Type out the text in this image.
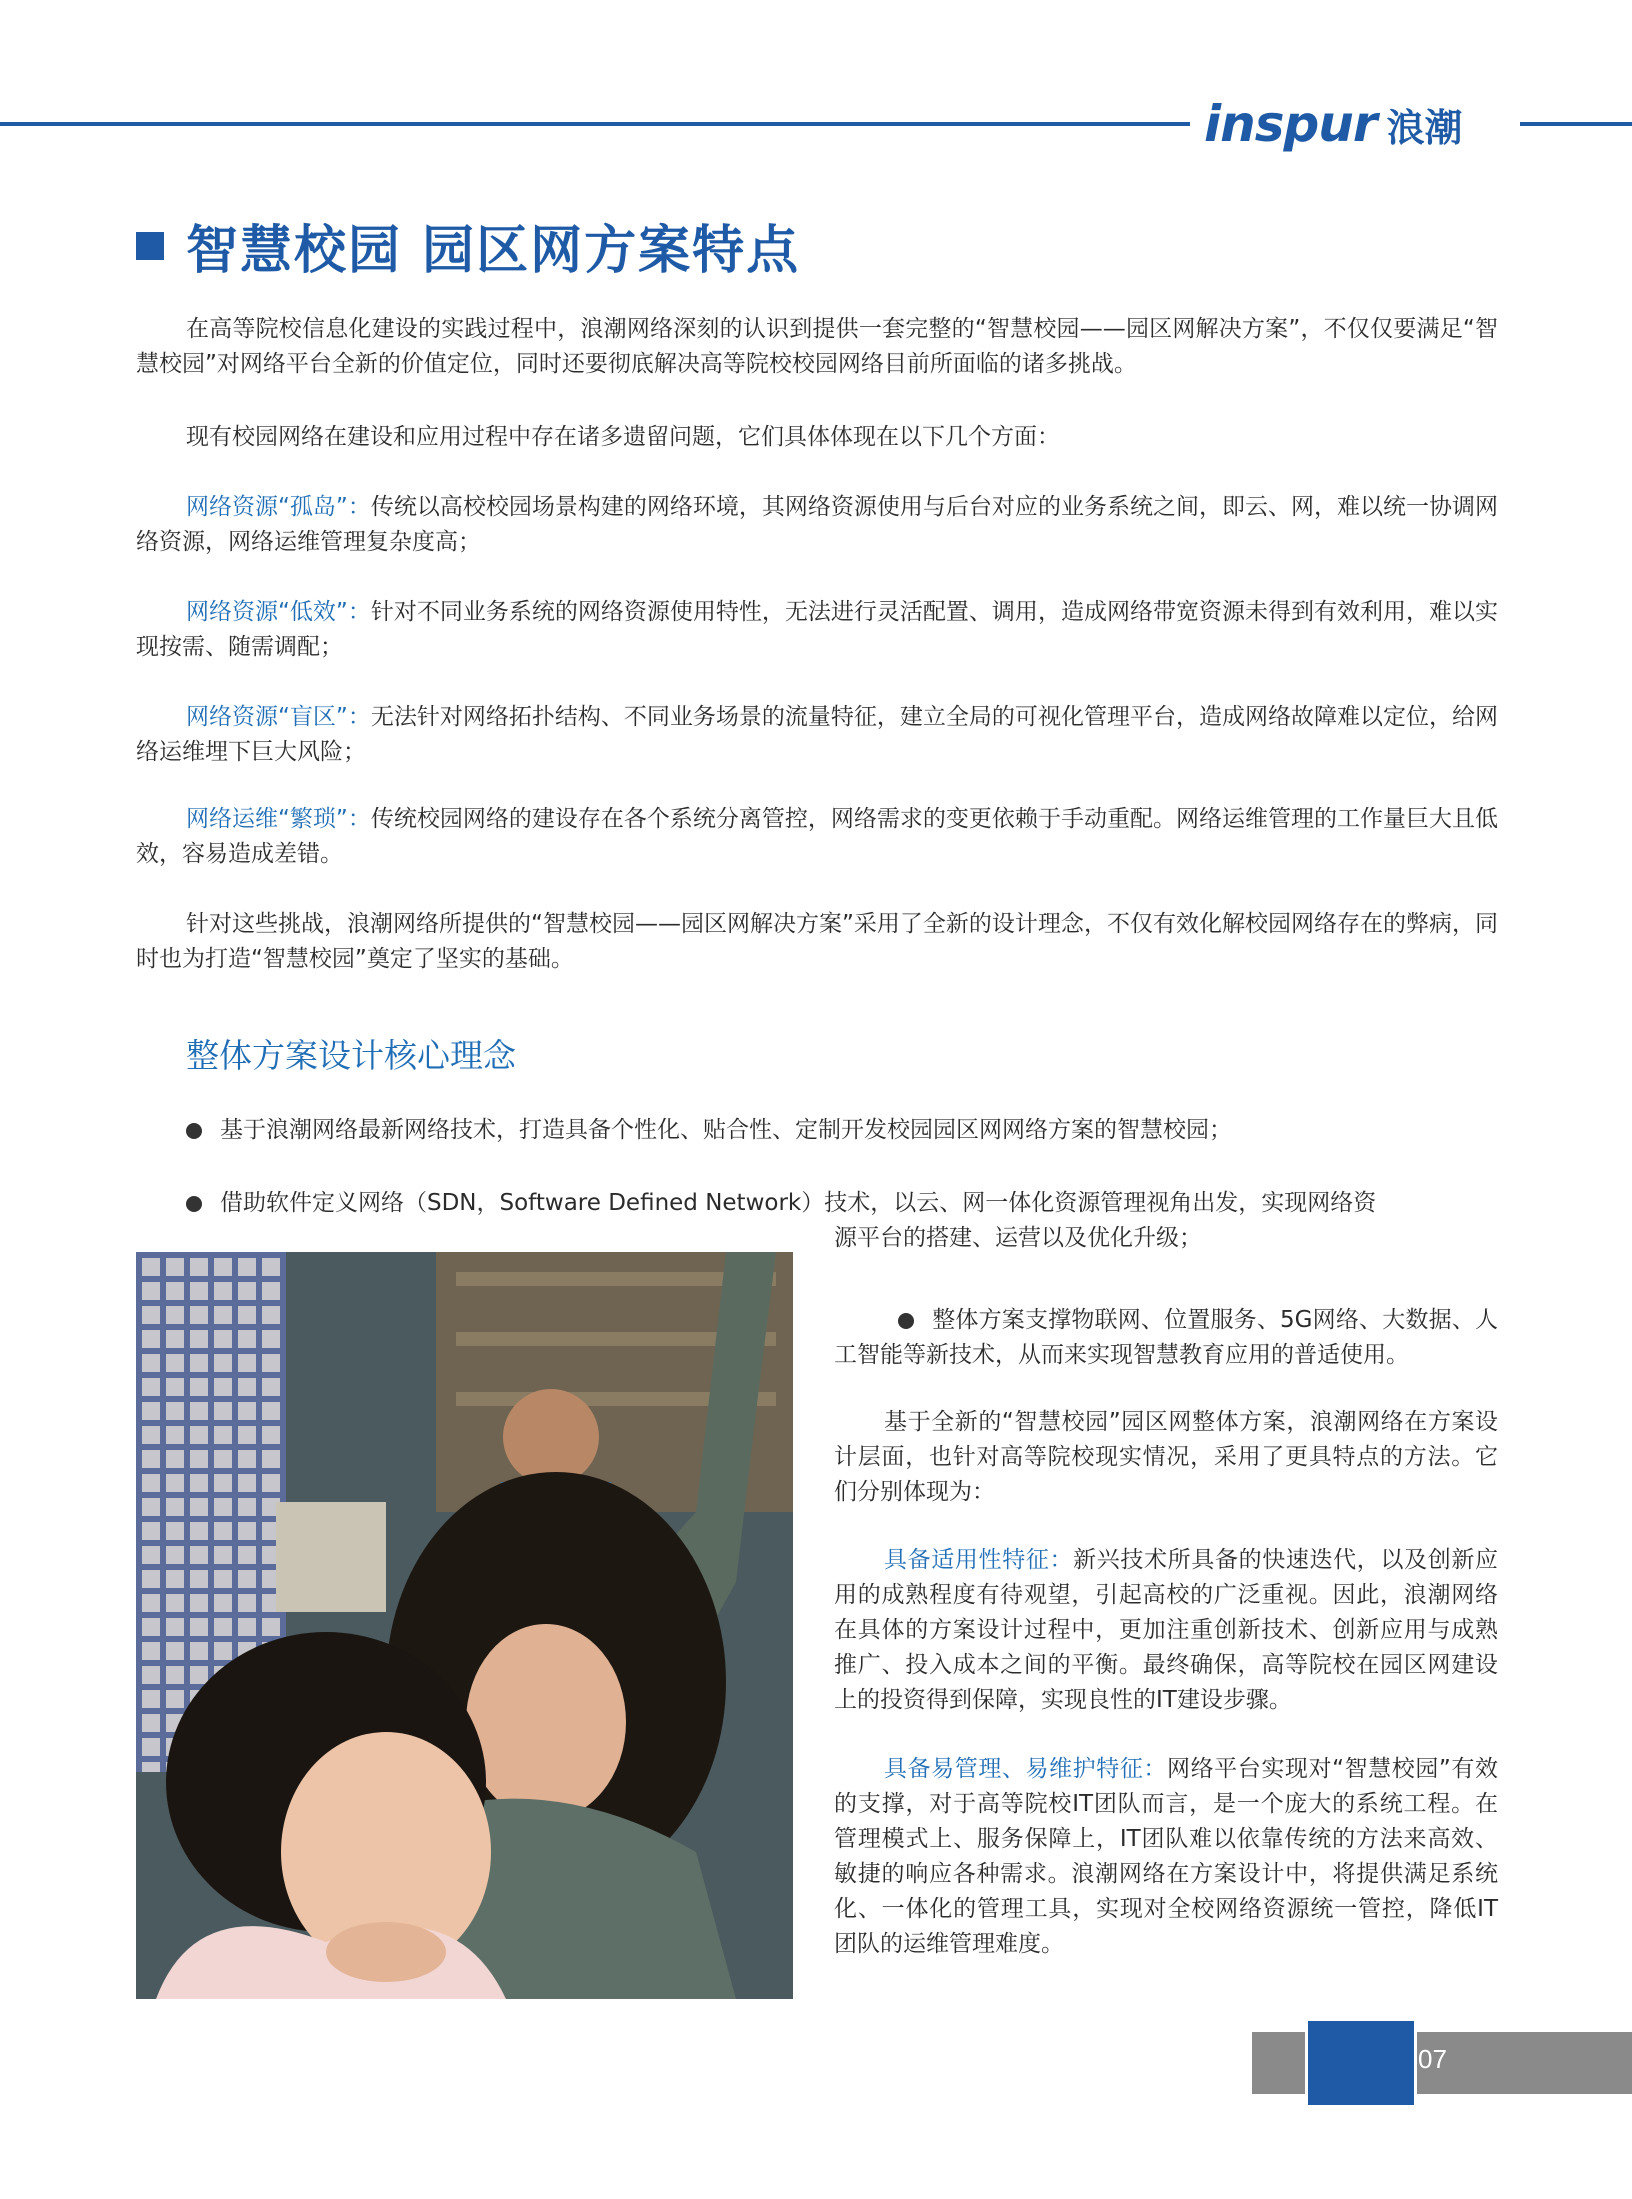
inspur 浪潮
智慧校园 园区网方案特点

在高等院校信息化建设的实践过程中，浪潮网络深刻的认识到提供一套完整的“智慧校园——园区网解决方案”，不仅仅要满足“智慧校园”对网络平台全新的价值定位，同时还要彻底解决高等院校校园网络目前所面临的诸多挑战。

现有校园网络在建设和应用过程中存在诸多遗留问题，它们具体体现在以下几个方面：

网络资源“孤岛”：传统以高校校园场景构建的网络环境，其网络资源使用与后台对应的业务系统之间，即云、网，难以统一协调网络资源，网络运维管理复杂度高；

网络资源“低效”：针对不同业务系统的网络资源使用特性，无法进行灵活配置、调用，造成网络带宽资源未得到有效利用，难以实现按需、随需调配；

网络资源“盲区”：无法针对网络拓扑结构、不同业务场景的流量特征，建立全局的可视化管理平台，造成网络故障难以定位，给网络运维埋下巨大风险；

网络运维“繁琐”：传统校园网络的建设存在各个系统分离管控，网络需求的变更依赖于手动重配。网络运维管理的工作量巨大且低效，容易造成差错。

针对这些挑战，浪潮网络所提供的“智慧校园——园区网解决方案”采用了全新的设计理念，不仅有效化解校园网络存在的弊病，同时也为打造“智慧校园”奠定了坚实的基础。

整体方案设计核心理念
基于浪潮网络最新网络技术，打造具备个性化、贴合性、定制开发校园园区网网络方案的智慧校园；
借助软件定义网络（SDN，Software Defined Network）技术，以云、网一体化资源管理视角出发，实现网络资
源平台的搭建、运营以及优化升级；

整体方案支撑物联网、位置服务、5G网络、大数据、人工智能等新技术，从而来实现智慧教育应用的普适使用。

基于全新的“智慧校园”园区网整体方案，浪潮网络在方案设计层面，也针对高等院校现实情况，采用了更具特点的方法。它们分别体现为：

具备适用性特征：新兴技术所具备的快速迭代，以及创新应用的成熟程度有待观望，引起高校的广泛重视。因此，浪潮网络在具体的方案设计过程中，更加注重创新技术、创新应用与成熟推广、投入成本之间的平衡。最终确保，高等院校在园区网建设上的投资得到保障，实现良性的IT建设步骤。

具备易管理、易维护特征：网络平台实现对“智慧校园”有效的支撑，对于高等院校IT团队而言，是一个庞大的系统工程。在管理模式上、服务保障上，IT团队难以依靠传统的方法来高效、敏捷的响应各种需求。浪潮网络在方案设计中，将提供满足系统化、一体化的管理工具，实现对全校网络资源统一管控，降低IT团队的运维管理难度。

07
